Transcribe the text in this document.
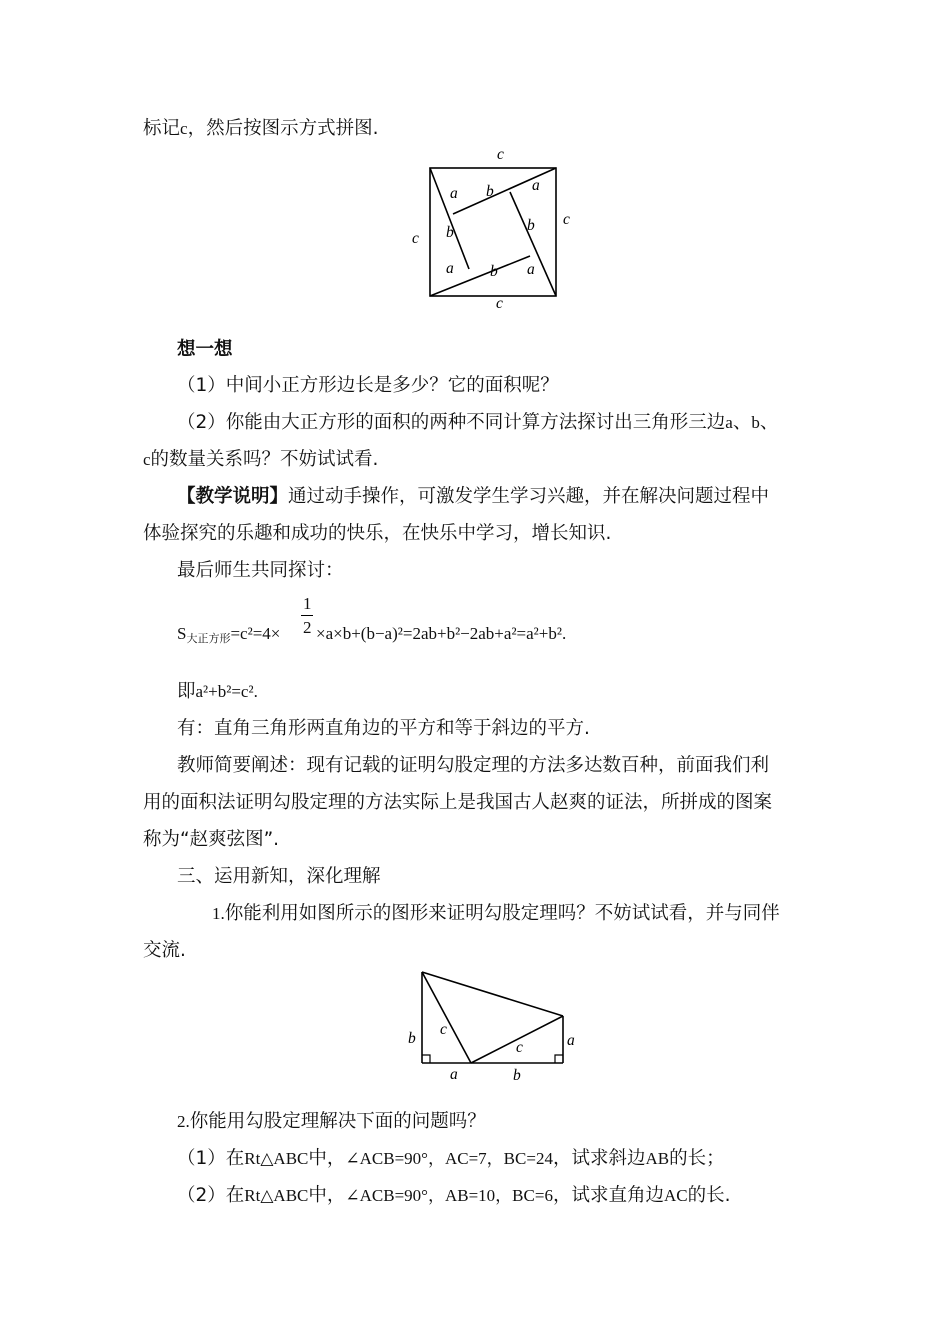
标记c，然后按图示方式拼图.
c
c
c
c
a b a
b
b
a b a
想一想
（1）中间小正方形边长是多少？它的面积呢？
（2）你能由大正方形的面积的两种不同计算方法探讨出三角形三边a、b、
c的数量关系吗？不妨试试看.
【教学说明】通过动手操作，可激发学生学习兴趣，并在解决问题过程中
体验探究的乐趣和成功的快乐，在快乐中学习，增长知识.
最后师生共同探讨：
1
2
$S_{大正方形}=c^2=4\times \times a\times b+(b-a)^2=2ab+b^2-2ab+a^2=a^2+b^2$.
即a²+b²=c².
有：直角三角形两直角边的平方和等于斜边的平方.
教师简要阐述：现有记载的证明勾股定理的方法多达数百种，前面我们利
用的面积法证明勾股定理的方法实际上是我国古人赵爽的证法，所拼成的图案
称为“赵爽弦图”.
三、运用新知，深化理解
1.你能利用如图所示的图形来证明勾股定理吗？不妨试试看，并与同伴
交流.
b
c
a	b
c	a
2.你能用勾股定理解决下面的问题吗？
（1）在Rt△ABC中，∠ACB=90°，AC=7，BC=24，试求斜边AB的长；
（2）在Rt△ABC中，∠ACB=90°，AB=10，BC=6，试求直角边AC的长.
